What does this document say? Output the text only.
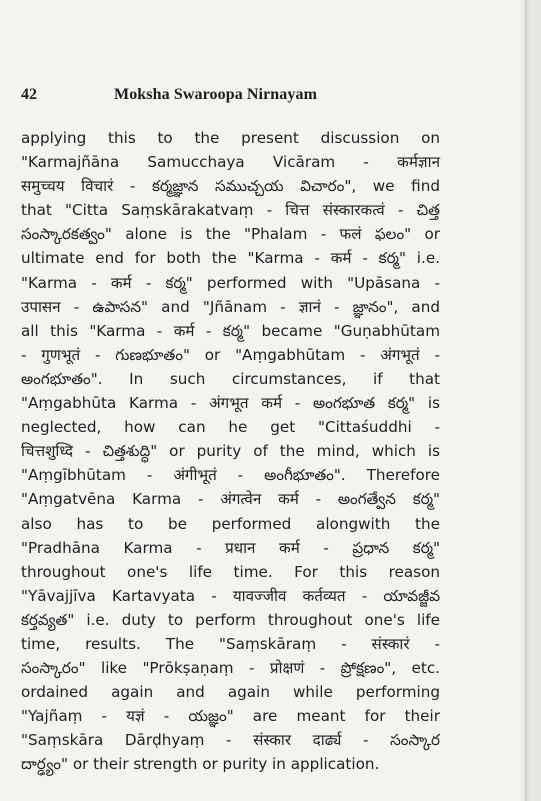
42	Moksha Swaroopa Nirnayam
applying this to the present discussion on
"Karmajñāna Samucchaya Vicāram - कर्मज्ञान
समुच्चय विचारं - కర్మజ్ఞాన సముచ్చయ విచారం", we find
that "Citta Saṃskārakatvaṃ - चित्त संस्कारकत्वं - చిత్త
సంస్కారకత్వం" alone is the "Phalam - फलं ఫలం" or
ultimate end for both the "Karma - कर्म - కర్మ" i.e.
"Karma - कर्म - కర్మ" performed with "Upāsana -
उपासन - ఉపాసన" and "Jñānam - ज्ञानं - జ్ఞానం", and
all this "Karma - कर्म - కర్మ" became "Guṇabhūtam
- गुणभूतं - గుణభూతం" or "Aṃgabhūtam - अंगभूतं -
అంగభూతం". In such circumstances, if that
"Aṃgabhūta Karma - अंगभूत कर्म - అంగభూత కర్మ" is
neglected, how can he get "Cittaśuddhi -
चित्तशुध्दि - చిత్తశుద్ధి" or purity of the mind, which is
"Aṃgībhūtam - अंगीभूतं - అంగీభూతం". Therefore
"Aṃgatvēna Karma - अंगत्वेन कर्म - అంగత్వేన కర్మ"
also has to be performed alongwith the
"Pradhāna Karma - प्रधान कर्म - ప్రధాన కర్మ"
throughout one's life time. For this reason
"Yāvajjīva Kartavyata - यावज्जीव कर्तव्यत - యావజ్జీవ
కర్తవ్యత" i.e. duty to perform throughout one's life
time, results. The "Saṃskāraṃ - संस्कारं -
సంస్కారం" like "Prōkṣaṇaṃ - प्रोक्षणं - ప్రోక్షణం", etc.
ordained again and again while performing
"Yajñaṃ - यज्ञं - యజ్ఞం" are meant for their
"Saṃskāra Dārḍhyaṃ - संस्कार दार्ढ्य - సంస్కార
దార్ఢ్యం" or their strength or purity in application.
